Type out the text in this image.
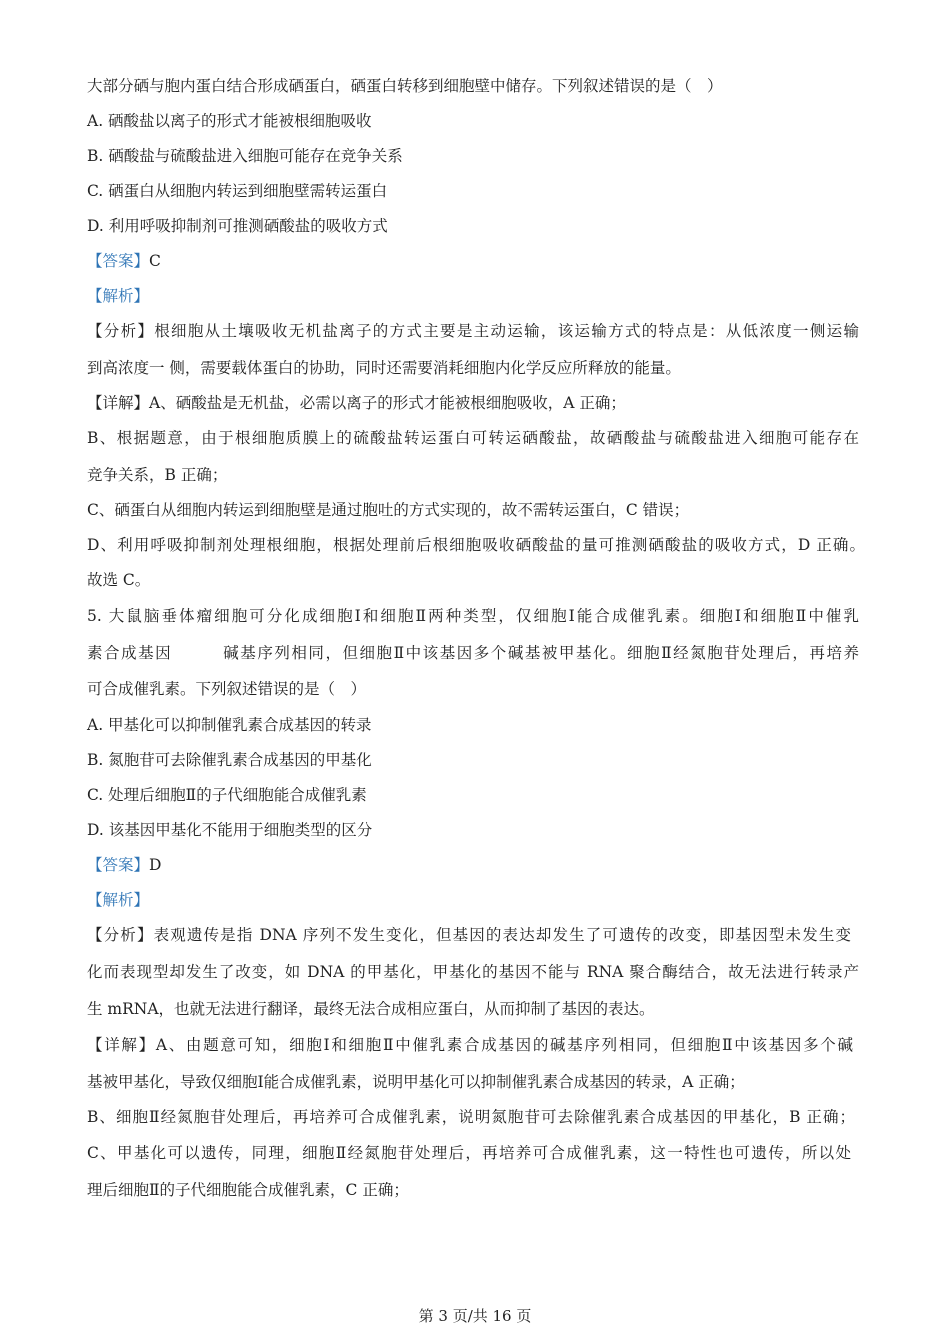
大部分硒与胞内蛋白结合形成硒蛋白，硒蛋白转移到细胞壁中储存。下列叙述错误的是（　）
A. 硒酸盐以离子的形式才能被根细胞吸收
B. 硒酸盐与硫酸盐进入细胞可能存在竞争关系
C. 硒蛋白从细胞内转运到细胞壁需转运蛋白
D. 利用呼吸抑制剂可推测硒酸盐的吸收方式
【答案】C
【解析】
【分析】根细胞从土壤吸收无机盐离子的方式主要是主动运输，该运输方式的特点是：从低浓度一侧运输
到高浓度一 侧，需要载体蛋白的协助，同时还需要消耗细胞内化学反应所释放的能量。
【详解】A、硒酸盐是无机盐，必需以离子的形式才能被根细胞吸收，A 正确；
B、根据题意，由于根细胞质膜上的硫酸盐转运蛋白可转运硒酸盐，故硒酸盐与硫酸盐进入细胞可能存在
竞争关系，B 正确；
C、硒蛋白从细胞内转运到细胞壁是通过胞吐的方式实现的，故不需转运蛋白，C 错误；
D、利用呼吸抑制剂处理根细胞，根据处理前后根细胞吸收硒酸盐的量可推测硒酸盐的吸收方式，D 正确。
故选 C。
5. 大鼠脑垂体瘤细胞可分化成细胞Ⅰ和细胞Ⅱ两种类型，仅细胞Ⅰ能合成催乳素。细胞Ⅰ和细胞Ⅱ中催乳
素合成基因　　　碱基序列相同，但细胞Ⅱ中该基因多个碱基被甲基化。细胞Ⅱ经氮胞苷处理后，再培养
可合成催乳素。下列叙述错误的是（　）
A. 甲基化可以抑制催乳素合成基因的转录
B. 氮胞苷可去除催乳素合成基因的甲基化
C. 处理后细胞Ⅱ的子代细胞能合成催乳素
D. 该基因甲基化不能用于细胞类型的区分
【答案】D
【解析】
【分析】表观遗传是指 DNA 序列不发生变化，但基因的表达却发生了可遗传的改变，即基因型未发生变
化而表现型却发生了改变，如 DNA 的甲基化，甲基化的基因不能与 RNA 聚合酶结合，故无法进行转录产
生 mRNA，也就无法进行翻译，最终无法合成相应蛋白，从而抑制了基因的表达。
【详解】A、由题意可知，细胞Ⅰ和细胞Ⅱ中催乳素合成基因的碱基序列相同，但细胞Ⅱ中该基因多个碱
基被甲基化，导致仅细胞Ⅰ能合成催乳素，说明甲基化可以抑制催乳素合成基因的转录，A 正确；
B、细胞Ⅱ经氮胞苷处理后，再培养可合成催乳素，说明氮胞苷可去除催乳素合成基因的甲基化，B 正确；
C、甲基化可以遗传，同理，细胞Ⅱ经氮胞苷处理后，再培养可合成催乳素，这一特性也可遗传，所以处
理后细胞Ⅱ的子代细胞能合成催乳素，C 正确；
第 3 页/共 16 页
